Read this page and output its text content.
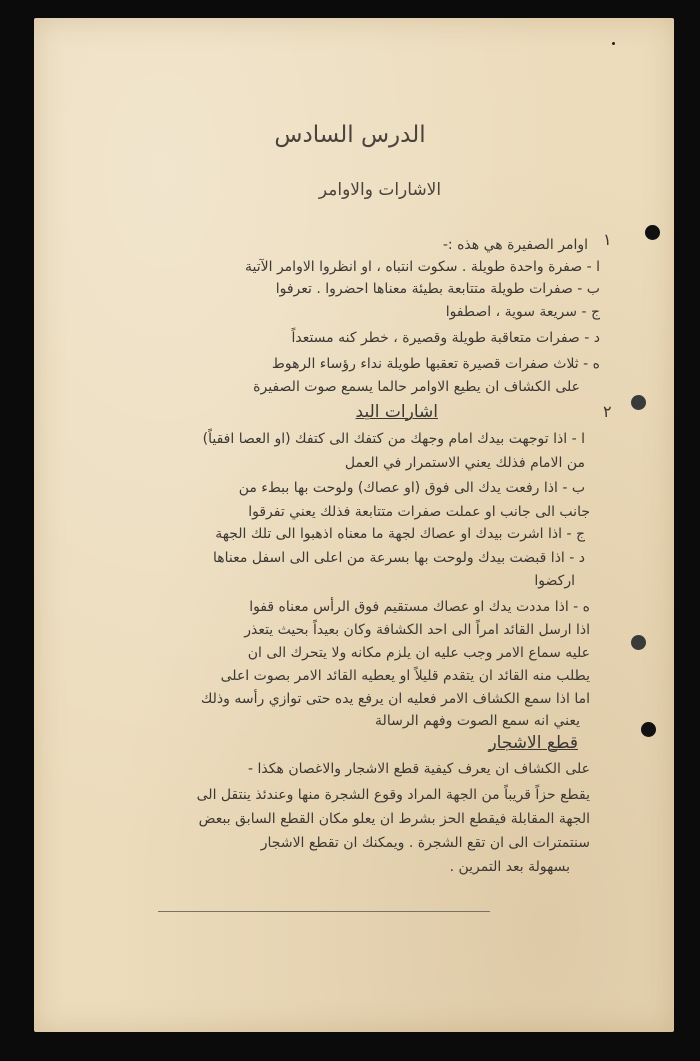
الدرس السادس
الاشارات والاوامر
١
٢
اوامر الصفيرة هي هذه :-
ا - صفرة واحدة طويلة . سكوت انتباه ، او انظروا الاوامر الآتية
ب - صفرات طويلة متتابعة بطيئة معناها احضروا . تعرفوا
ج - سريعة سوية ، اصطفوا
د - صفرات متعاقبة طويلة وقصيرة ، خطر كنه مستعداً
ه - ثلاث صفرات قصيرة تعقبها طويلة نداء رؤساء الرهوط
على الكشاف ان يطيع الاوامر حالما يسمع صوت الصفيرة
اشارات اليد
ا - اذا توجهت بيدك امام وجهك من كتفك الى كتفك (او العصا افقياً)
من الامام فذلك يعني الاستمرار في العمل
ب - اذا رفعت يدك الى فوق (او عصاك) ولوحت بها ببطء من
جانب الى جانب او عملت صفرات متتابعة فذلك يعني تفرقوا
ج - اذا اشرت بيدك او عصاك لجهة ما معناه اذهبوا الى تلك الجهة
د - اذا قبضت بيدك ولوحت بها بسرعة من اعلى الى اسفل معناها
اركضوا
ه - اذا مددت يدك او عصاك مستقيم فوق الرأس معناه قفوا
اذا ارسل القائد امراً الى احد الكشافة وكان بعيداً بحيث يتعذر
عليه سماع الامر وجب عليه ان يلزم مكانه ولا يتحرك الى ان
يطلب منه القائد ان يتقدم قليلاً او يعطيه القائد الامر بصوت اعلى
اما اذا سمع الكشاف الامر فعليه ان يرفع يده حتى توازي رأسه وذلك
يعني انه سمع الصوت وفهم الرسالة
قطع الاشجار
على الكشاف ان يعرف كيفية قطع الاشجار والاغصان هكذا -
يقطع حزاً قريباً من الجهة المراد وقوع الشجرة منها وعندئذ ينتقل الى
الجهة المقابلة فيقطع الحز بشرط ان يعلو مكان القطع السابق ببعض
سنتمترات الى ان تقع الشجرة . ويمكنك ان تقطع الاشجار
بسهولة بعد التمرين .
